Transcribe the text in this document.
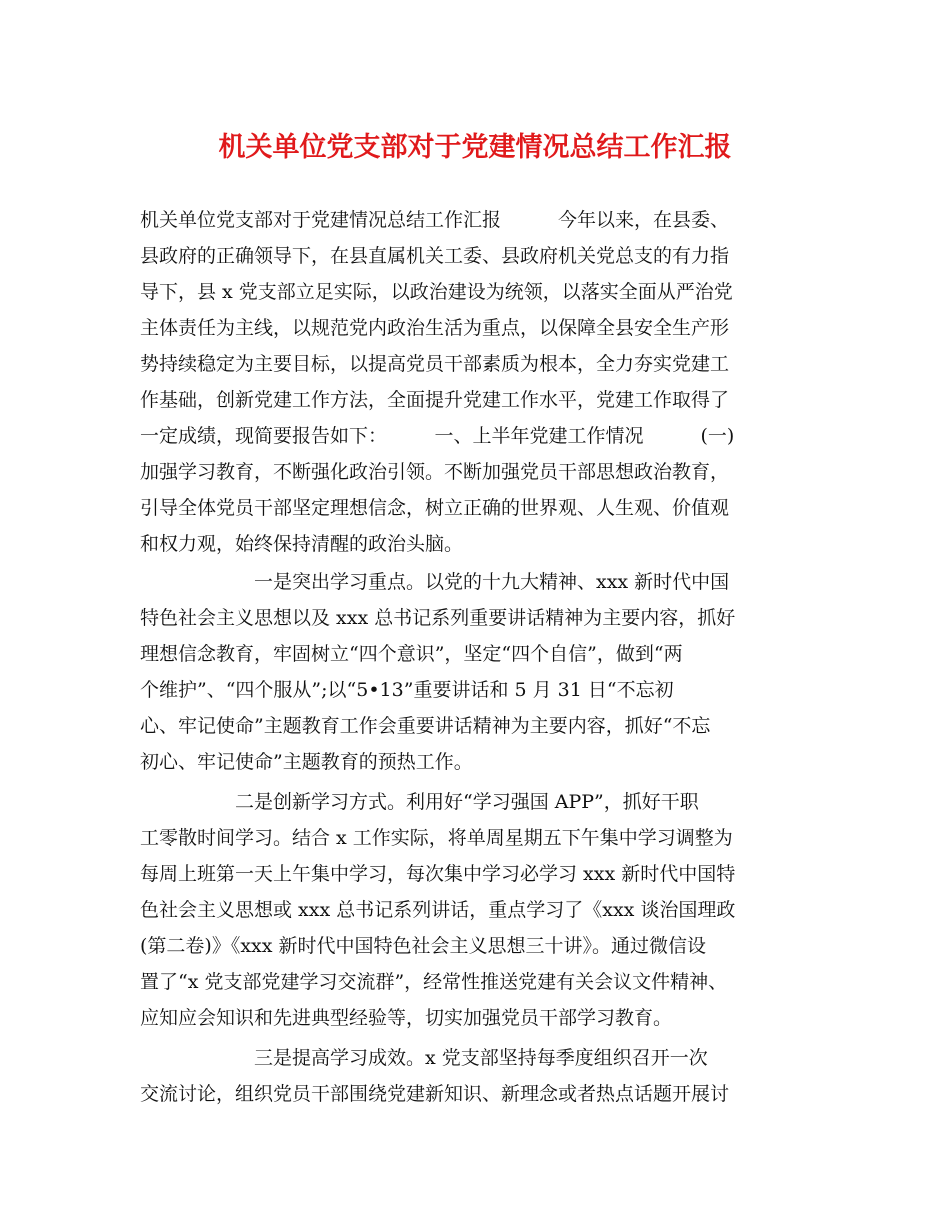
机关单位党支部对于党建情况总结工作汇报

机关单位党支部对于党建情况总结工作汇报　　　今年以来，在县委、

县政府的正确领导下，在县直属机关工委、县政府机关党总支的有力指

导下，县 x 党支部立足实际，以政治建设为统领，以落实全面从严治党

主体责任为主线，以规范党内政治生活为重点，以保障全县安全生产形

势持续稳定为主要目标，以提高党员干部素质为根本，全力夯实党建工

作基础，创新党建工作方法，全面提升党建工作水平，党建工作取得了

一定成绩，现简要报告如下：　　　一、上半年党建工作情况　　　(一)

加强学习教育，不断强化政治引领。不断加强党员干部思想政治教育，

引导全体党员干部坚定理想信念，树立正确的世界观、人生观、价值观

和权力观，始终保持清醒的政治头脑。

　　　　　　一是突出学习重点。以党的十九大精神、xxx 新时代中国

特色社会主义思想以及 xxx 总书记系列重要讲话精神为主要内容，抓好

理想信念教育，牢固树立“四个意识”，坚定“四个自信”，做到“两

个维护”、“四个服从”;以“5•13”重要讲话和 5 月 31 日“不忘初

心、牢记使命”主题教育工作会重要讲话精神为主要内容，抓好“不忘

初心、牢记使命”主题教育的预热工作。

　　　　　二是创新学习方式。利用好“学习强国 APP”，抓好干职

工零散时间学习。结合 x 工作实际，将单周星期五下午集中学习调整为

每周上班第一天上午集中学习，每次集中学习必学习 xxx 新时代中国特

色社会主义思想或 xxx 总书记系列讲话，重点学习了《xxx 谈治国理政

(第二卷)》《xxx 新时代中国特色社会主义思想三十讲》。通过微信设

置了“x 党支部党建学习交流群”，经常性推送党建有关会议文件精神、

应知应会知识和先进典型经验等，切实加强党员干部学习教育。

　　　　　　三是提高学习成效。x 党支部坚持每季度组织召开一次

交流讨论，组织党员干部围绕党建新知识、新理念或者热点话题开展讨
